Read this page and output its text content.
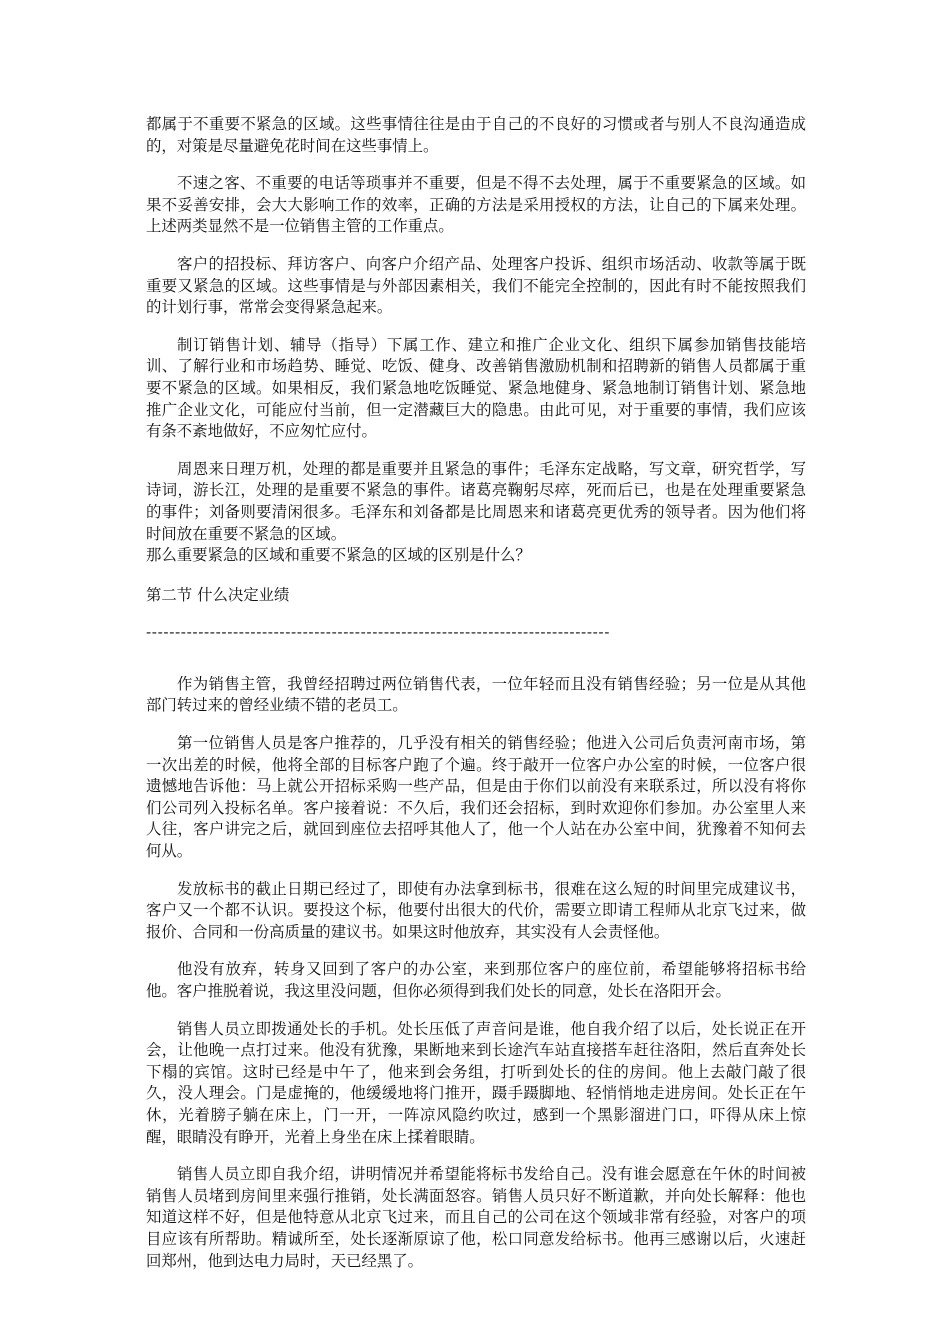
都属于不重要不紧急的区域。这些事情往往是由于自己的不良好的习惯或者与别人不良沟通造成的，对策是尽量避免花时间在这些事情上。

不速之客、不重要的电话等琐事并不重要，但是不得不去处理，属于不重要紧急的区域。如果不妥善安排，会大大影响工作的效率，正确的方法是采用授权的方法，让自己的下属来处理。上述两类显然不是一位销售主管的工作重点。

客户的招投标、拜访客户、向客户介绍产品、处理客户投诉、组织市场活动、收款等属于既重要又紧急的区域。这些事情是与外部因素相关，我们不能完全控制的，因此有时不能按照我们的计划行事，常常会变得紧急起来。

制订销售计划、辅导（指导）下属工作、建立和推广企业文化、组织下属参加销售技能培训、了解行业和市场趋势、睡觉、吃饭、健身、改善销售激励机制和招聘新的销售人员都属于重要不紧急的区域。如果相反，我们紧急地吃饭睡觉、紧急地健身、紧急地制订销售计划、紧急地推广企业文化，可能应付当前，但一定潜藏巨大的隐患。由此可见，对于重要的事情，我们应该有条不紊地做好，不应匆忙应付。

周恩来日理万机，处理的都是重要并且紧急的事件；毛泽东定战略，写文章，研究哲学，写诗词，游长江，处理的是重要不紧急的事件。诸葛亮鞠躬尽瘁，死而后已，也是在处理重要紧急的事件；刘备则要清闲很多。毛泽东和刘备都是比周恩来和诸葛亮更优秀的领导者。因为他们将时间放在重要不紧急的区域。

那么重要紧急的区域和重要不紧急的区域的区别是什么？

第二节 什么决定业绩

--------------------------------------------------------------------------------

作为销售主管，我曾经招聘过两位销售代表，一位年轻而且没有销售经验；另一位是从其他部门转过来的曾经业绩不错的老员工。

第一位销售人员是客户推荐的，几乎没有相关的销售经验；他进入公司后负责河南市场，第一次出差的时候，他将全部的目标客户跑了个遍。终于敲开一位客户办公室的时候，一位客户很遗憾地告诉他：马上就公开招标采购一些产品，但是由于你们以前没有来联系过，所以没有将你们公司列入投标名单。客户接着说：不久后，我们还会招标，到时欢迎你们参加。办公室里人来人往，客户讲完之后，就回到座位去招呼其他人了，他一个人站在办公室中间，犹豫着不知何去何从。

发放标书的截止日期已经过了，即使有办法拿到标书，很难在这么短的时间里完成建议书，客户又一个都不认识。要投这个标，他要付出很大的代价，需要立即请工程师从北京飞过来，做报价、合同和一份高质量的建议书。如果这时他放弃，其实没有人会责怪他。

他没有放弃，转身又回到了客户的办公室，来到那位客户的座位前，希望能够将招标书给他。客户推脱着说，我这里没问题，但你必须得到我们处长的同意，处长在洛阳开会。

销售人员立即拨通处长的手机。处长压低了声音问是谁，他自我介绍了以后，处长说正在开会，让他晚一点打过来。他没有犹豫，果断地来到长途汽车站直接搭车赶往洛阳，然后直奔处长下榻的宾馆。这时已经是中午了，他来到会务组，打听到处长的住的房间。他上去敲门敲了很久，没人理会。门是虚掩的，他缓缓地将门推开，蹑手蹑脚地、轻悄悄地走进房间。处长正在午休，光着膀子躺在床上，门一开，一阵凉风隐约吹过，感到一个黑影溜进门口，吓得从床上惊醒，眼睛没有睁开，光着上身坐在床上揉着眼睛。

销售人员立即自我介绍，讲明情况并希望能将标书发给自己。没有谁会愿意在午休的时间被销售人员堵到房间里来强行推销，处长满面怒容。销售人员只好不断道歉，并向处长解释：他也知道这样不好，但是他特意从北京飞过来，而且自己的公司在这个领域非常有经验，对客户的项目应该有所帮助。精诚所至，处长逐渐原谅了他，松口同意发给标书。他再三感谢以后，火速赶回郑州，他到达电力局时，天已经黑了。
